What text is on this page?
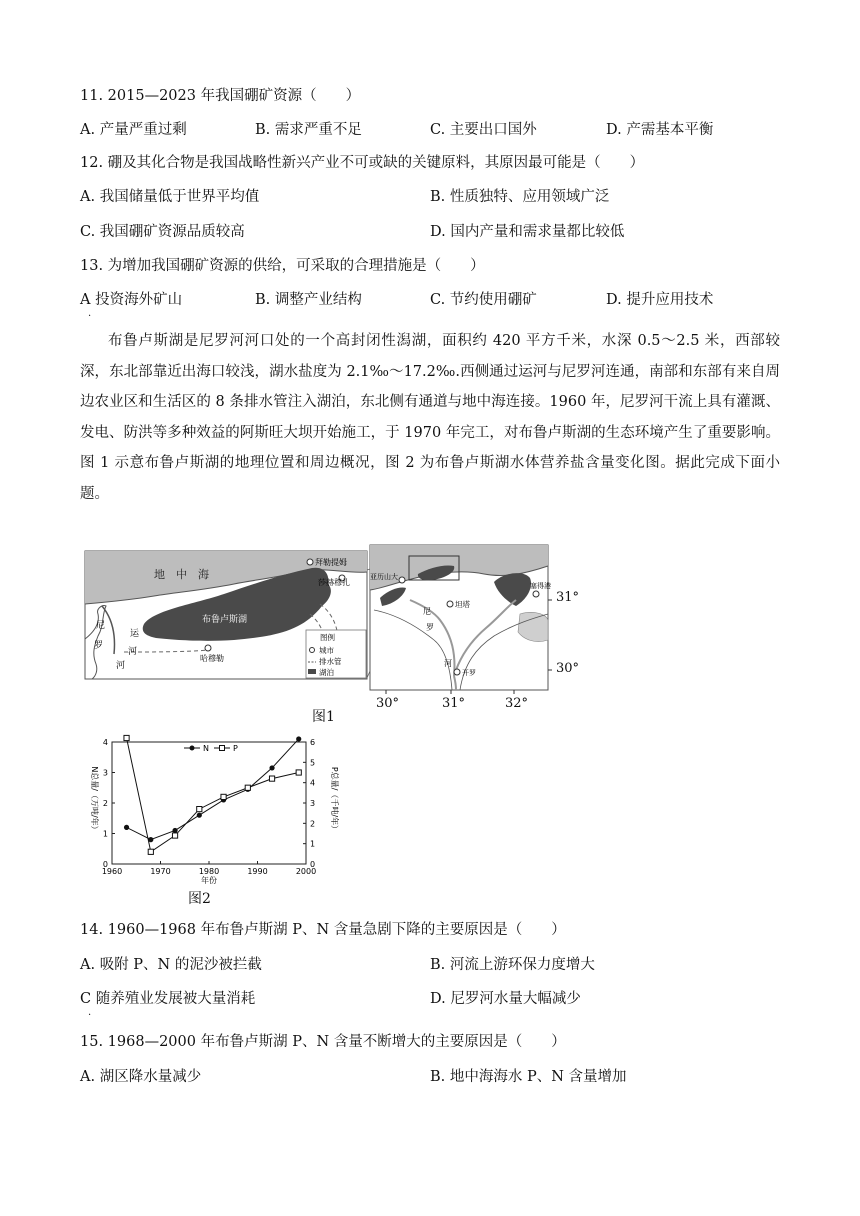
11. 2015—2023 年我国硼矿资源（　　）
A. 产量严重过剩	B. 需求严重不足	C. 主要出口国外	D. 产需基本平衡
12. 硼及其化合物是我国战略性新兴产业不可或缺的关键原料，其原因最可能是（　　）
A. 我国储量低于世界平均值	B. 性质独特、应用领域广泛
C. 我国硼矿资源品质较高	D. 国内产量和需求量都比较低
13. 为增加我国硼矿资源的供给，可采取的合理措施是（　　）
A 投资海外矿山	B. 调整产业结构	C. 节约使用硼矿	D. 提升应用技术
.
布鲁卢斯湖是尼罗河河口处的一个高封闭性潟湖，面积约 420 平方千米，水深 0.5～2.5 米，西部较深，东北部靠近出海口较浅，湖水盐度为 2.1‰～17.2‰.西侧通过运河与尼罗河连通，南部和东部有来自周边农业区和生活区的 8 条排水管注入湖泊，东北侧有通道与地中海连接。1960 年，尼罗河干流上具有灌溉、发电、防洪等多种效益的阿斯旺大坝开始施工，于 1970 年完工，对布鲁卢斯湖的生态环境产生了重要影响。图 1 示意布鲁卢斯湖的地理位置和周边概况，图 2 为布鲁卢斯湖水体营养盐含量变化图。据此完成下面小题。
地　中　海
布鲁卢斯湖
尼
罗
河
运
河
拜勒提姆
莎赫穆扎
哈穆勒
图例
城市
排水管
湖泊
亚历山大
坦塔
开罗
塞得港
尼
罗
河
31°
30°
30°	31°	32°
图1
0
1
2
3
4
0
1
2
3
4
5
6
1960	1970	1980	1990	2000
N总量/（万吨/年）	P总量/（千吨/年）
年份
N	P
图2
14. 1960—1968 年布鲁卢斯湖 P、N 含量急剧下降的主要原因是（　　）
A. 吸附 P、N 的泥沙被拦截	B. 河流上游环保力度增大
C 随养殖业发展被大量消耗	D. 尼罗河水量大幅减少
.
15. 1968—2000 年布鲁卢斯湖 P、N 含量不断增大的主要原因是（　　）
A. 湖区降水量减少	B. 地中海海水 P、N 含量增加
